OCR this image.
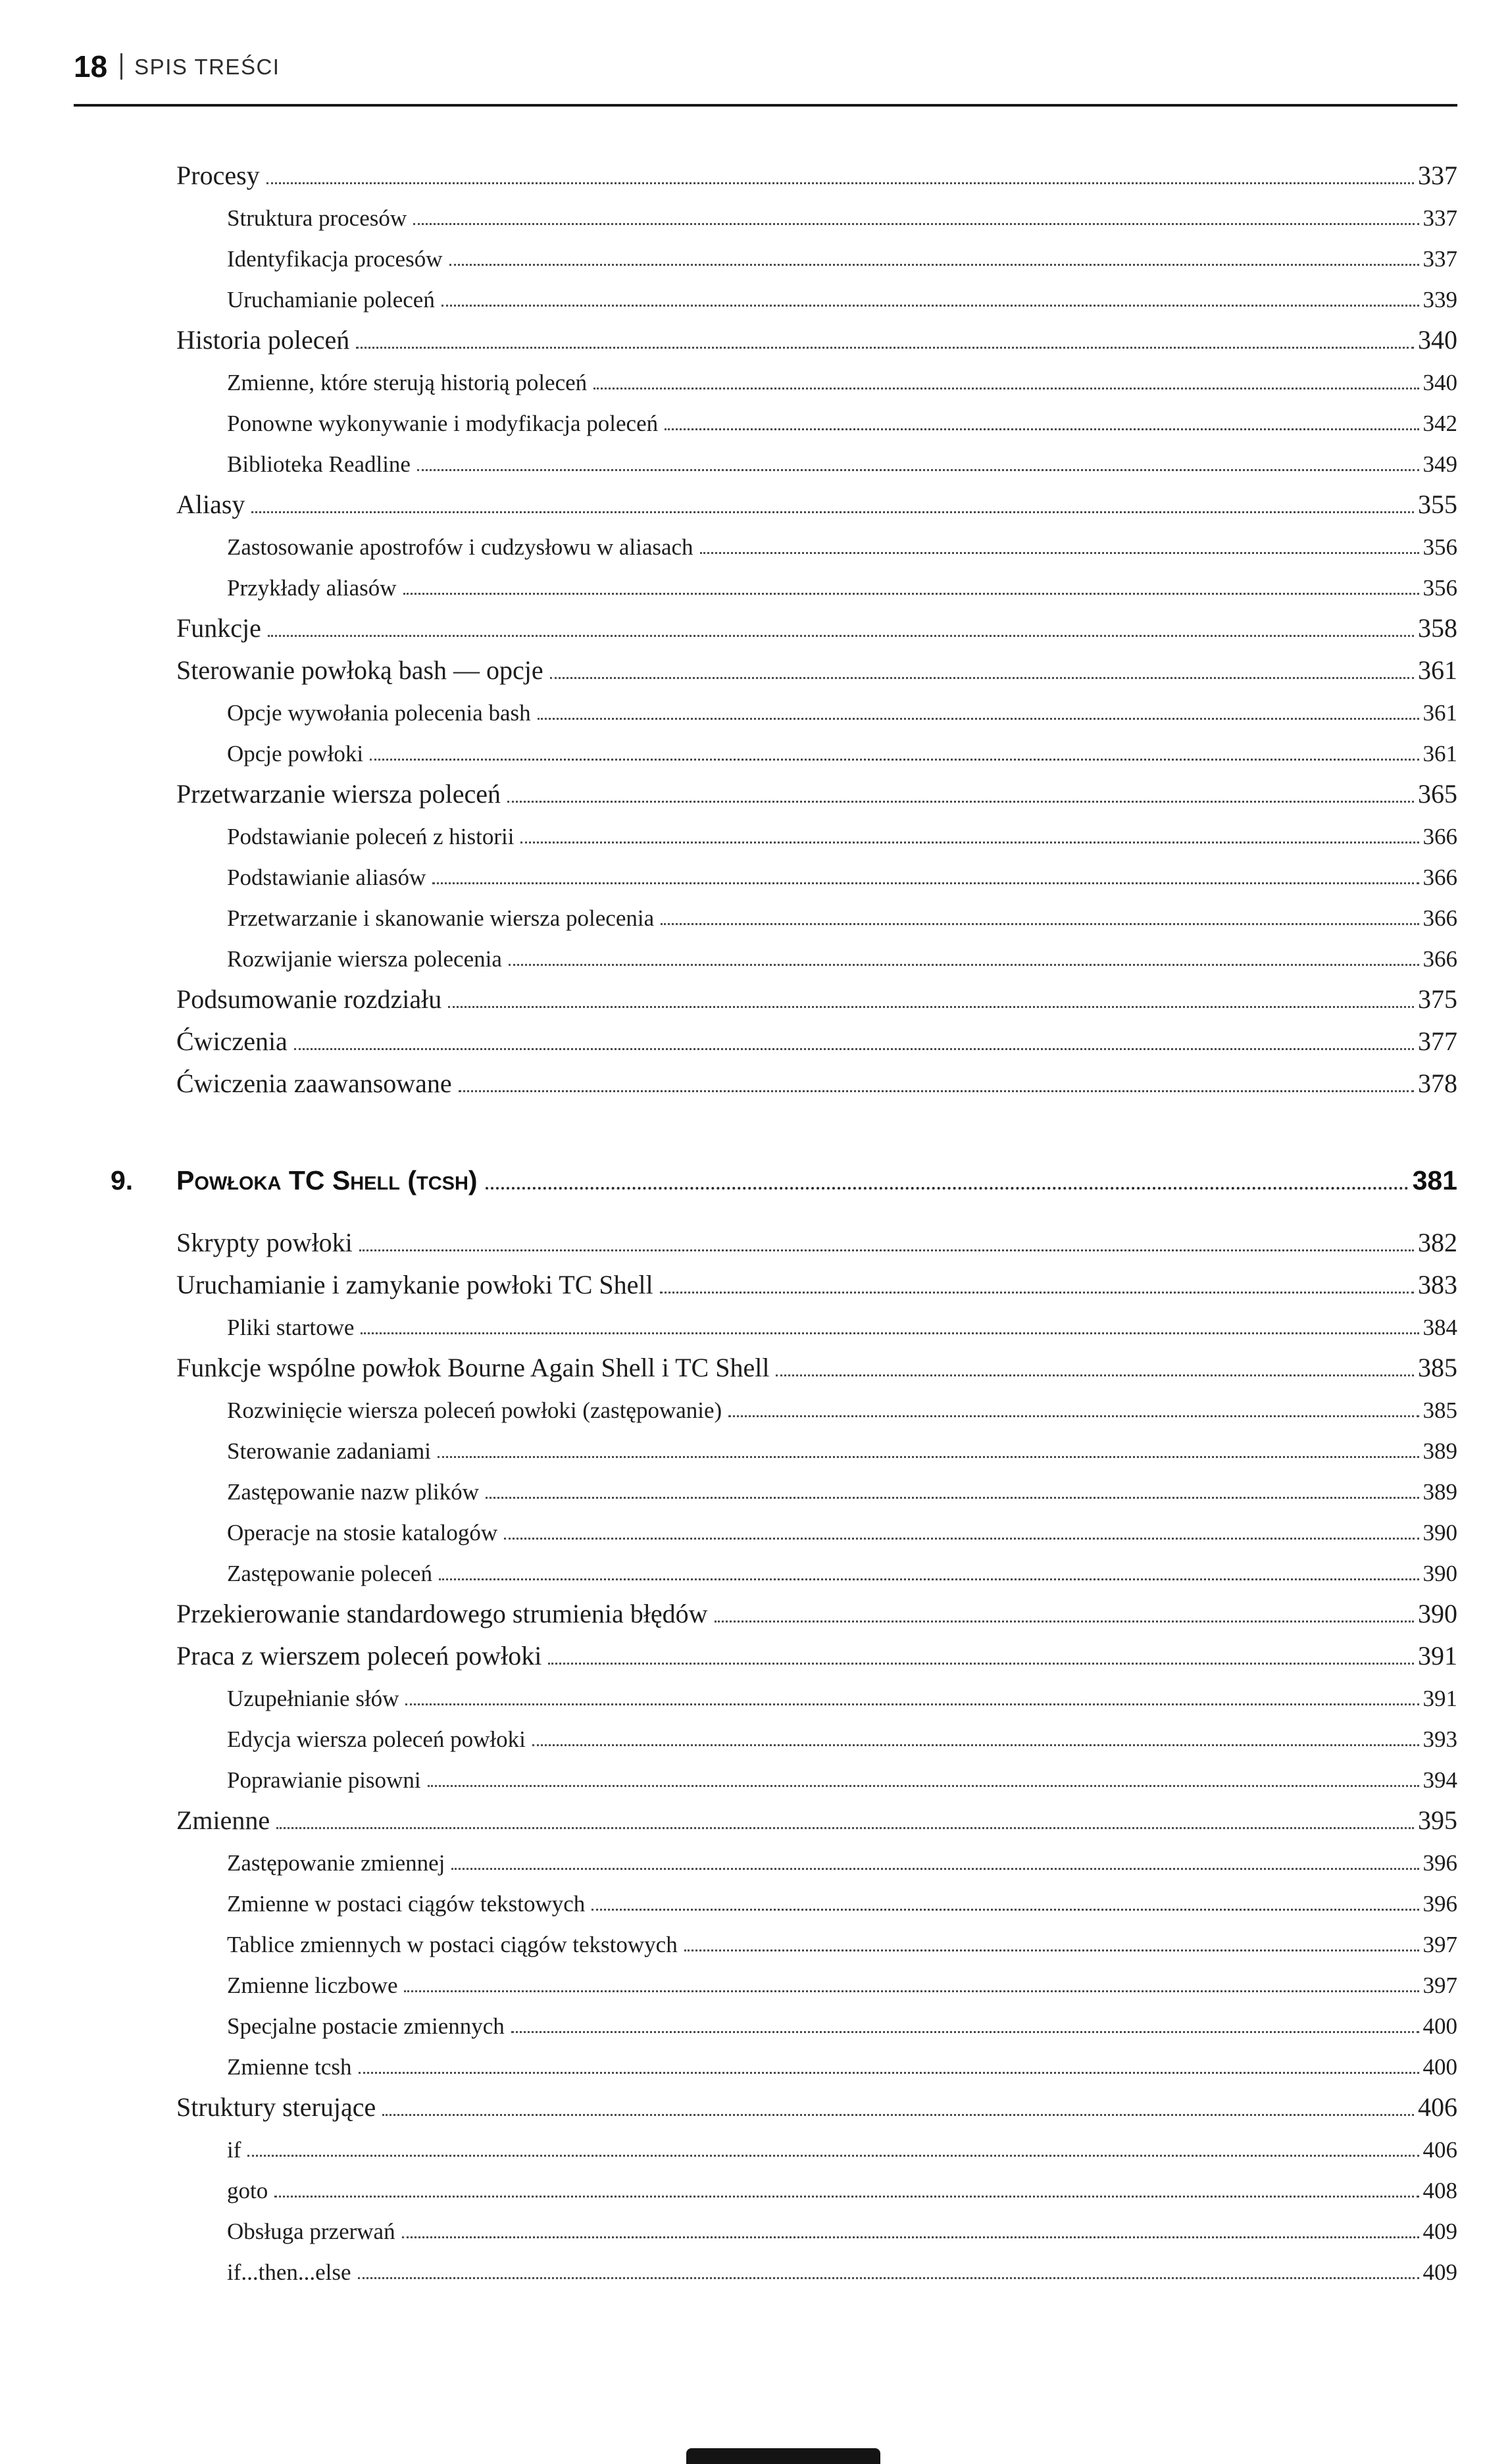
18 SPIS TREŚCI
Procesy	337
Struktura procesów	337
Identyfikacja procesów	337
Uruchamianie poleceń	339
Historia poleceń	340
Zmienne, które sterują historią poleceń	340
Ponowne wykonywanie i modyfikacja poleceń	342
Biblioteka Readline	349
Aliasy	355
Zastosowanie apostrofów i cudzysłowu w aliasach	356
Przykłady aliasów	356
Funkcje	358
Sterowanie powłoką bash — opcje	361
Opcje wywołania polecenia bash	361
Opcje powłoki	361
Przetwarzanie wiersza poleceń	365
Podstawianie poleceń z historii	366
Podstawianie aliasów	366
Przetwarzanie i skanowanie wiersza polecenia	366
Rozwijanie wiersza polecenia	366
Podsumowanie rozdziału	375
Ćwiczenia	377
Ćwiczenia zaawansowane	378
9.	Powłoka TC Shell (tcsh)	381
Skrypty powłoki	382
Uruchamianie i zamykanie powłoki TC Shell	383
Pliki startowe	384
Funkcje wspólne powłok Bourne Again Shell i TC Shell	385
Rozwinięcie wiersza poleceń powłoki (zastępowanie)	385
Sterowanie zadaniami	389
Zastępowanie nazw plików	389
Operacje na stosie katalogów	390
Zastępowanie poleceń	390
Przekierowanie standardowego strumienia błędów	390
Praca z wierszem poleceń powłoki	391
Uzupełnianie słów	391
Edycja wiersza poleceń powłoki	393
Poprawianie pisowni	394
Zmienne	395
Zastępowanie zmiennej	396
Zmienne w postaci ciągów tekstowych	396
Tablice zmiennych w postaci ciągów tekstowych	397
Zmienne liczbowe	397
Specjalne postacie zmiennych	400
Zmienne tcsh	400
Struktury sterujące	406
if	406
goto	408
Obsługa przerwań	409
if...then...else	409
